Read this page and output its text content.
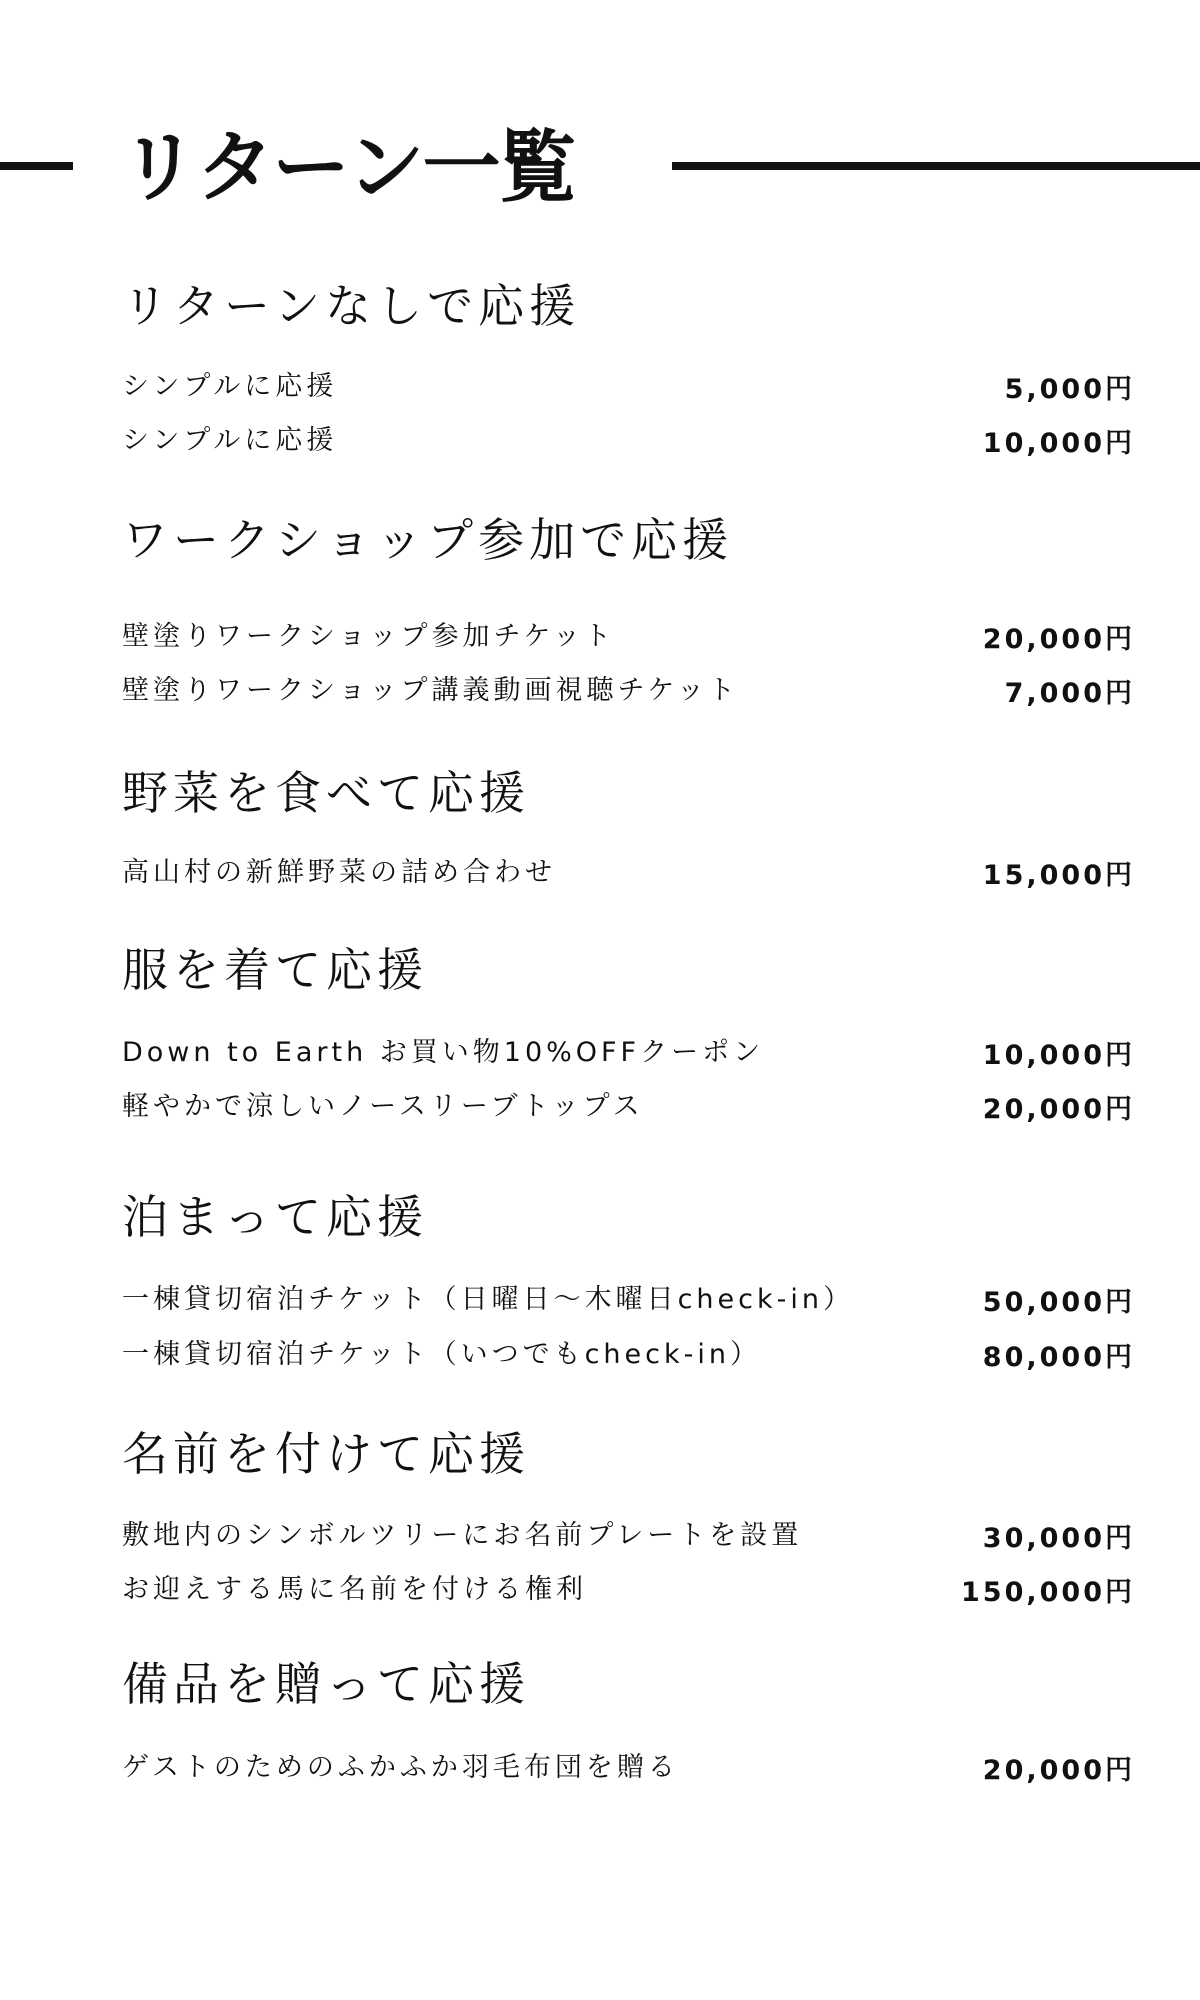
リターン一覧
リターンなしで応援
シンプルに応援	5,000円
シンプルに応援	10,000円
ワークショップ参加で応援
壁塗りワークショップ参加チケット	20,000円
壁塗りワークショップ講義動画視聴チケット	7,000円
野菜を食べて応援
高山村の新鮮野菜の詰め合わせ	15,000円
服を着て応援
Down to Earth お買い物10%OFFクーポン	10,000円
軽やかで涼しいノースリーブトップス	20,000円
泊まって応援
一棟貸切宿泊チケット（日曜日〜木曜日check-in）	50,000円
一棟貸切宿泊チケット（いつでもcheck-in）	80,000円
名前を付けて応援
敷地内のシンボルツリーにお名前プレートを設置	30,000円
お迎えする馬に名前を付ける権利	150,000円
備品を贈って応援
ゲストのためのふかふか羽毛布団を贈る	20,000円
